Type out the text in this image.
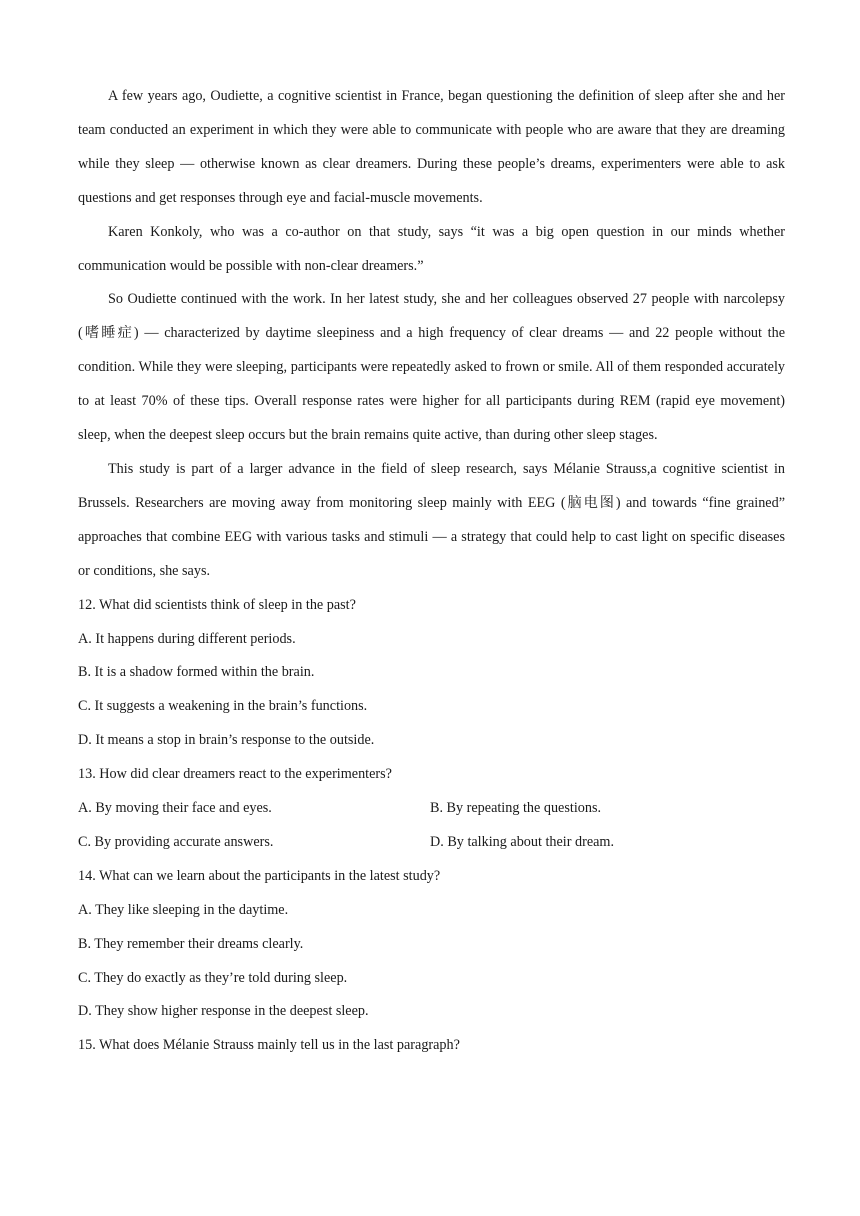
A few years ago, Oudiette, a cognitive scientist in France, began questioning the definition of sleep after she and her team conducted an experiment in which they were able to communicate with people who are aware that they are dreaming while they sleep — otherwise known as clear dreamers. During these people’s dreams, experimenters were able to ask questions and get responses through eye and facial-muscle movements.

Karen Konkoly, who was a co-author on that study, says “it was a big open question in our minds whether communication would be possible with non-clear dreamers.”

So Oudiette continued with the work. In her latest study, she and her colleagues observed 27 people with narcolepsy (嗜睡症) — characterized by daytime sleepiness and a high frequency of clear dreams — and 22 people without the condition. While they were sleeping, participants were repeatedly asked to frown or smile. All of them responded accurately to at least 70% of these tips. Overall response rates were higher for all participants during REM (rapid eye movement) sleep, when the deepest sleep occurs but the brain remains quite active, than during other sleep stages.

This study is part of a larger advance in the field of sleep research, says Mélanie Strauss,a cognitive scientist in Brussels. Researchers are moving away from monitoring sleep mainly with EEG (脑电图) and towards “fine grained” approaches that combine EEG with various tasks and stimuli — a strategy that could help to cast light on specific diseases or conditions, she says.

12. What did scientists think of sleep in the past?

A. It happens during different periods.

B. It is a shadow formed within the brain.

C. It suggests a weakening in the brain’s functions.

D. It means a stop in brain’s response to the outside.

13. How did clear dreamers react to the experimenters?

A. By moving their face and eyes.	B. By repeating the questions.
C. By providing accurate answers.	D. By talking about their dream.

14. What can we learn about the participants in the latest study?

A. They like sleeping in the daytime.

B. They remember their dreams clearly.

C. They do exactly as they’re told during sleep.

D. They show higher response in the deepest sleep.

15. What does Mélanie Strauss mainly tell us in the last paragraph?
